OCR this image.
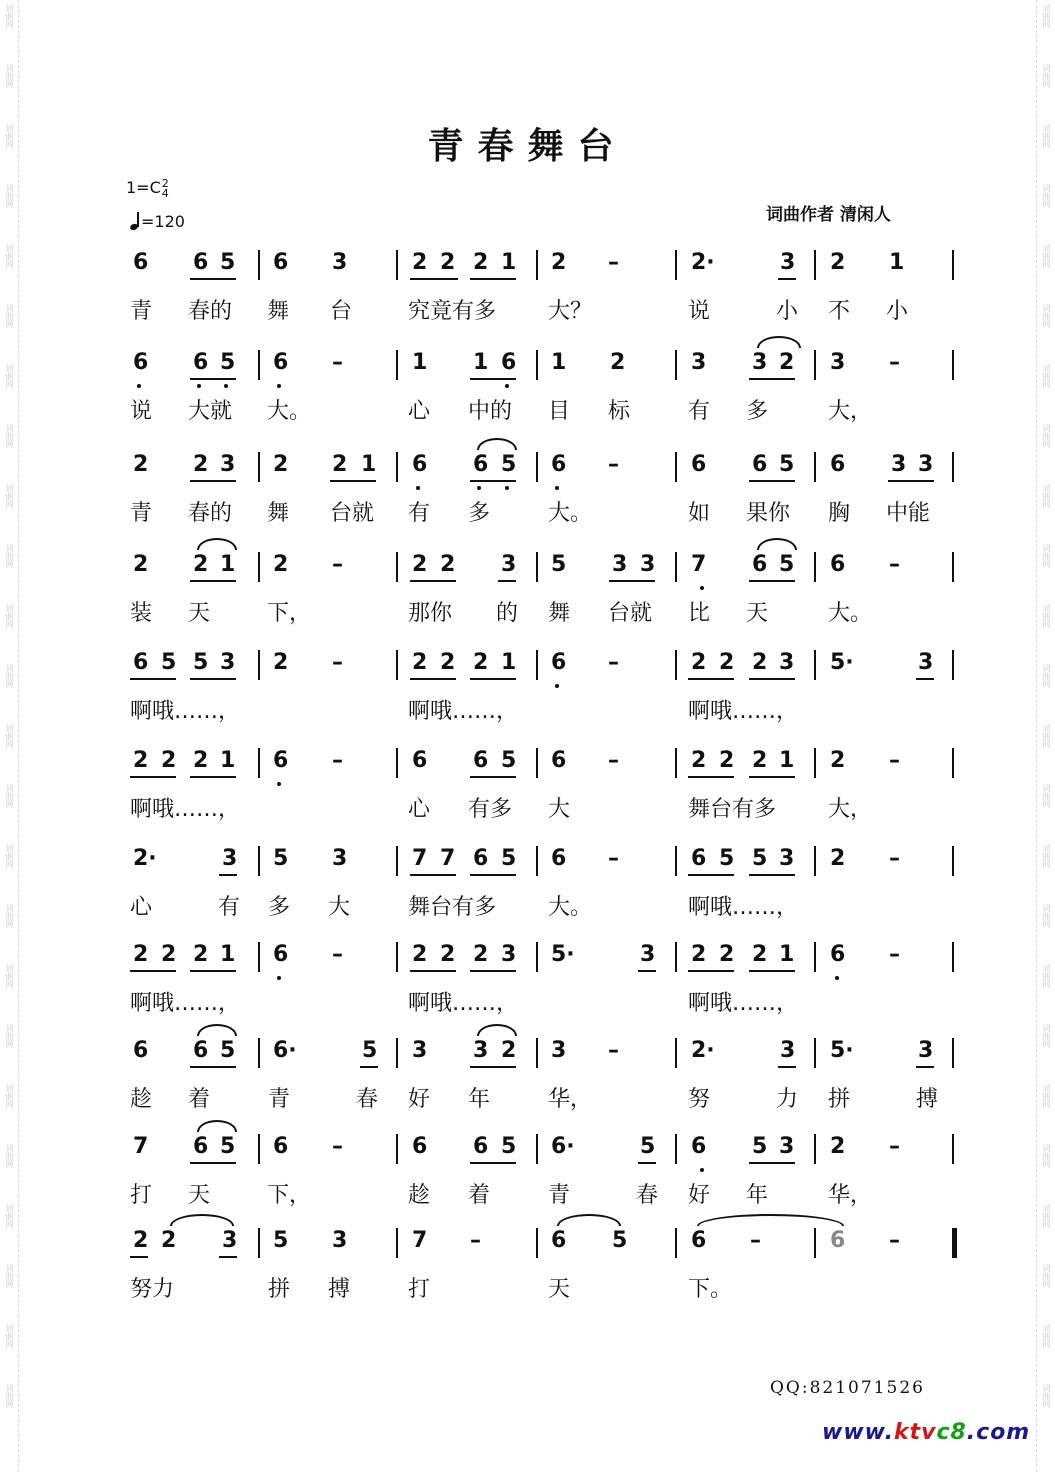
词曲网
词曲网
词曲网
词曲网
词曲网
词曲网
词曲网
词曲网
词曲网
词曲网
词曲网
词曲网
词曲网
词曲网
词曲网
词曲网
词曲网
词曲网
词曲网
词曲网
词曲网
词曲网
词曲网
词曲网
词曲网
词曲网
词曲网
词曲网
词曲网
词曲网
词曲网
词曲网
词曲网
词曲网
词曲网
词曲网
词曲网
词曲网
词曲网
词曲网
词曲网
词曲网
词曲网
词曲网
词曲网
词曲网
词曲网
词曲网
青春舞台
1=C2
4
=120	词曲作者 清闲人
6 6 5 6 3	2 2 2 1 2 –	2·	3 2 1
青 春的 舞 台	究竟有多 大？	说	小 不 小
6 6 5 6 –	1 1 6 1 2	3 3 2 3 –
说 大就 大。	心 中的 目 标	有 多	大，
2 2 3 2 2 1 6 6 5 6 –	6 6 5 6 3 3
青 春的 舞 台就 有 多	大。	如 果你 胸 中能
2 2 1 2 –	2 2 3 5 3 3 7 6 5 6 –
装 天	下，	那你 的 舞 台就 比 天	大。
6 5 5 3 2 –	2 2 2 1 6 –	2 2 2 3 5·	3
啊哦……，	啊哦……，	啊哦……，
2 2 2 1 6 –	6 6 5 6 –	2 2 2 1 2 –
啊哦……，	心 有多 大	舞台有多 大，
2·	3 5 3	7 7 6 5 6 –	6 5 5 3 2 –
心	有 多 大	舞台有多 大。	啊哦……，
2 2 2 1 6 –	2 2 2 3 5·	3 2 2 2 1 6 –
啊哦……，	啊哦……，	啊哦……，
6 6 5 6·	5 3 3 2 3 –	2·	3 5·	3
趁 着	青	春 好 年	华，	努	力 拼	搏
7 6 5 6 –	6 6 5 6·	5 6 5 3 2 –
打 天	下，	趁 着	青	春 好 年	华，
2 2 3 5 3	7 –	6 5	6 –	6 –
努力	拼 搏	打	天	下。
QQ:821071526
www.ktvc8.com
